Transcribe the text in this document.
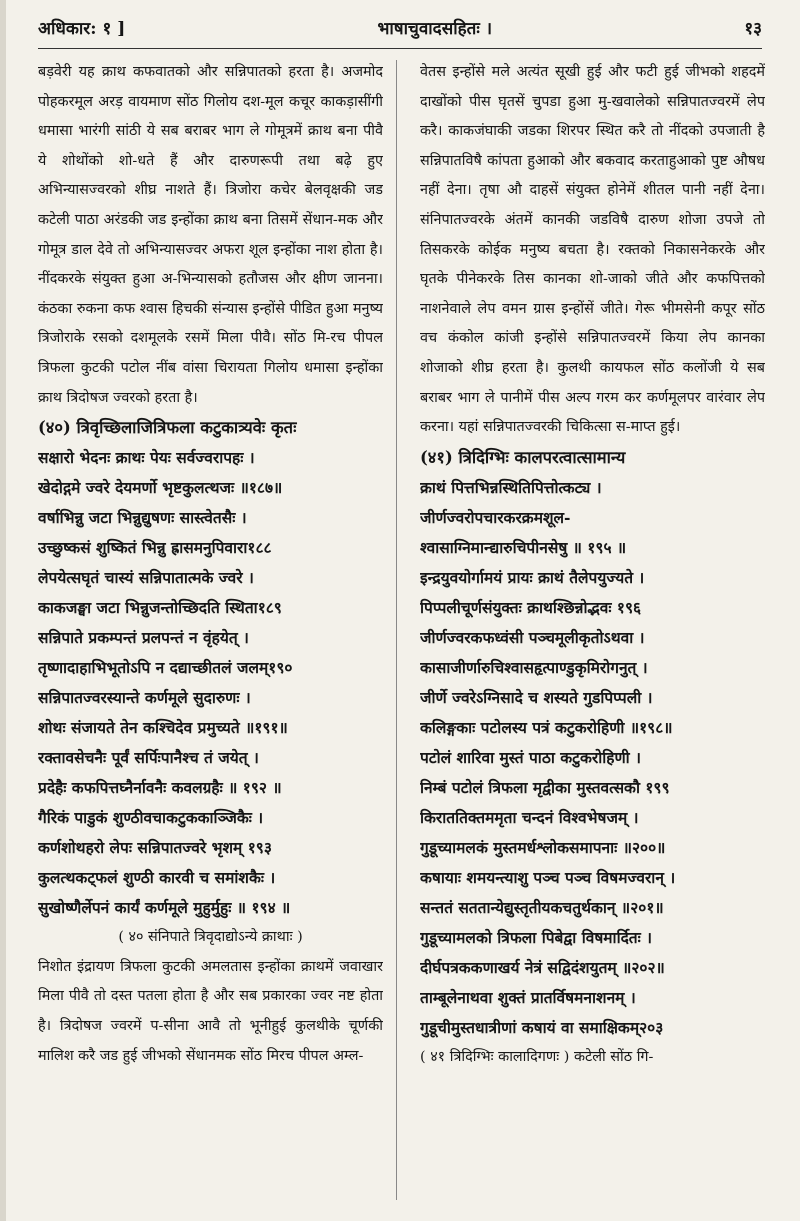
अधिकार: १ ]	भाषाचुवादसहितः ।	१३

बड़वेरी यह क्राथ कफवातको और सन्निपातको हरता है। अजमोद पोहकरमूल अरड़ वायमाण सोंठ गिलोय दश-मूल कचूर काकड़ासींगी धमासा भारंगी सांठी ये सब बराबर भाग ले गोमूत्रमें क्राथ बना पीवै ये शोथोंको शो-धते हैं और दारुणरूपी तथा बढ़े हुए अभिन्यासज्वरको शीघ्र नाशते हैं। त्रिजोरा कचेर बेलवृक्षकी जड कटेली पाठा अरंडकी जड इन्होंका क्राथ बना तिसमें सेंधान-मक और गोमूत्र डाल देवे तो अभिन्यासज्वर अफरा शूल इन्होंका नाश होता है। नींदकरके संयुक्त हुआ अ-भिन्यासको हतौजस और क्षीण जानना। कंठका रुकना कफ श्वास हिचकी संन्यास इन्होंसे पीडित हुआ मनुष्य त्रिजोराके रसको दशमूलके रसमें मिला पीवै। सोंठ मि-रच पीपल त्रिफला कुटकी पटोल नींब वांसा चिरायता गिलोय धमासा इन्होंका क्राथ त्रिदोषज ज्वरको हरता है।

(४०) त्रिवृच्छिलाजित्रिफला कटुकात्र्यवेः कृतः

सक्षारो भेदनः क्राथः पेयः सर्वज्वरापहः ।

खेदोद्गमे ज्वरे देयमर्णो भृष्टकुलत्थजः ॥१८७॥

वर्षाभिन्नु जटा भिन्नुद्युषणः सास्त्वेतसैः ।

उच्छुष्कसं शुष्कितं भिन्नु ह्रासमनुपिवारा१८८

लेपयेत्सघृतं चास्यं सन्निपातात्मके ज्वरे ।

काकजङ्घा जटा भिन्नुजन्तोच्छिदति स्थिता१८९

सन्निपाते प्रकम्पन्तं प्रलपन्तं न वृंहयेत् ।

तृष्णादाहाभिभूतोऽपि न दद्याच्छीतलं जलम्१९०

सन्निपातज्वरस्यान्ते कर्णमूले सुदारुणः ।

शोथः संजायते तेन कश्चिदेव प्रमुच्यते ॥१९१॥

रक्तावसेचनैः पूर्वं सर्पिःपानैश्च तं जयेत् ।

प्रदेहैः कफपित्तघ्नैर्नावनैः कवलग्रहैः ॥ १९२ ॥

गैरिकं पाडुकं शुण्ठीवचाकटुककाञ्जिकैः ।

कर्णशोथहरो लेपः सन्निपातज्वरे भृशम् १९३

कुलत्थकट्फलं शुण्ठी कारवी च समांशकैः ।

सुखोष्णैर्लेपनं कार्यं कर्णमूले मुहुर्मुहुः ॥ १९४ ॥

( ४० संनिपाते त्रिवृदाद्योऽन्ये क्राथाः )

निशोत इंद्रायण त्रिफला कुटकी अमलतास इन्होंका क्राथमें जवाखार मिला पीवै तो दस्त पतला होता है और सब प्रकारका ज्वर नष्ट होता है। त्रिदोषज ज्वरमें प-सीना आवै तो भूनीहुई कुलथीके चूर्णकी मालिश करै जड हुई जीभको सेंधानमक सोंठ मिरच पीपल अम्ल-

वेतस इन्होंसे मले अत्यंत सूखी हुई और फटी हुई जीभको शहदमें दाखोंको पीस घृतसें चुपडा हुआ मु-खवालेको सन्निपातज्वरमें लेप करै। काकजंघाकी जडका शिरपर स्थित करै तो नींदको उपजाती है सन्निपातविषै कांपता हुआको और बकवाद करताहुआको पुष्ट औषध नहीं देना। तृषा औ दाहसें संयुक्त होनेमें शीतल पानी नहीं देना। संनिपातज्वरके अंतमें कानकी जडविषै दारुण शोजा उपजे तो तिसकरके कोईक मनुष्य बचता है। रक्तको निकासनेकरके और घृतके पीनेकरके तिस कानका शो-जाको जीते और कफपित्तको नाशनेवाले लेप वमन ग्रास इन्होंसें जीते। गेरू भीमसेनी कपूर सोंठ वच कंकोल कांजी इन्होंसे सन्निपातज्वरमें किया लेप कानका शोजाको शीघ्र हरता है। कुलथी कायफल सोंठ कलोंजी ये सब बराबर भाग ले पानीमें पीस अल्प गरम कर कर्णमूलपर वारंवार लेप करना। यहां सन्निपातज्वरकी चिकित्सा स-माप्त हुई।

(४१) त्रिदिग्भिः कालपरत्वात्सामान्य

क्राथं पित्तभिन्नस्थितिपित्तोत्कट्य ।

जीर्णज्वरोपचारकरक्रमशूल-

श्वासाग्निमान्द्यारुचिपीनसेषु ॥ १९५ ॥

इन्द्रयुवयोर्गामयं प्रायः क्राथं तैलेपयुज्यते ।

पिप्पलीचूर्णसंयुक्तः क्राथश्छिन्नोद्भवः १९६

जीर्णज्वरकफध्वंसी पञ्चमूलीकृतोऽथवा ।

कासाजीर्णारुचिश्वासहृत्पाण्डुकृमिरोगनुत् ।

जीर्णे ज्वरेऽग्निसादे च शस्यते गुडपिप्पली ।

कलिङ्गकाः पटोलस्य पत्रं कटुकरोहिणी ॥१९८॥

पटोलं शारिवा मुस्तं पाठा कटुकरोहिणी ।

निम्बं पटोलं त्रिफला मृद्वीका मुस्तवत्सकौ १९९

किराततिक्तममृता चन्दनं विश्वभेषजम् ।

गुडूच्यामलकं मुस्तमर्धश्लोकसमापनाः ॥२००॥

कषायाः शमयन्त्याशु पञ्च पञ्च विषमज्वरान् ।

सन्ततं सततान्येद्युस्तृतीयकचतुर्थकान् ॥२०१॥

गुडूच्यामलको त्रिफला पिबेद्वा विषमार्दितः ।

दीर्घपत्रककणाखर्य नेत्रं सद्विदंशयुतम् ॥२०२॥

ताम्बूलेनाथवा शुक्तं प्रातर्विषमनाशनम् ।

गुडूचीमुस्तधात्रीणां कषायं वा समाक्षिकम्२०३

( ४१ त्रिदिग्भिः कालादिगणः ) कटेली सोंठ गि-
